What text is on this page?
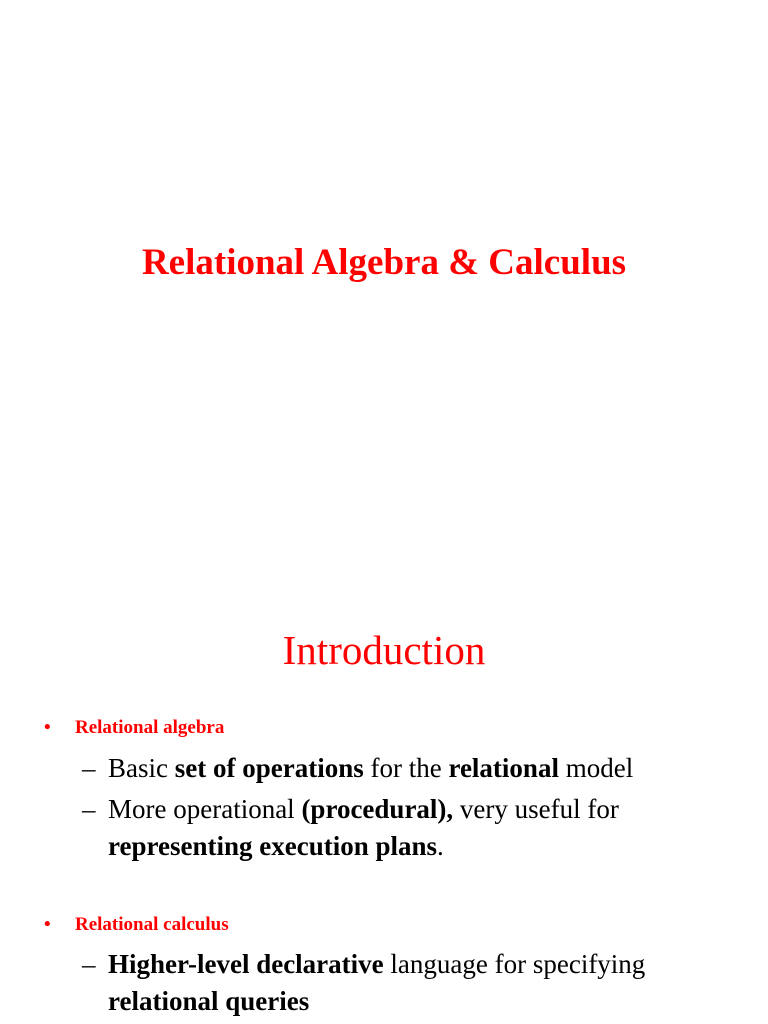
Relational Algebra & Calculus
Introduction
• Relational algebra
– Basic set of operations for the relational model
– More operational (procedural), very useful for representing execution plans.
• Relational calculus
– Higher-level declarative language for specifying relational queries
